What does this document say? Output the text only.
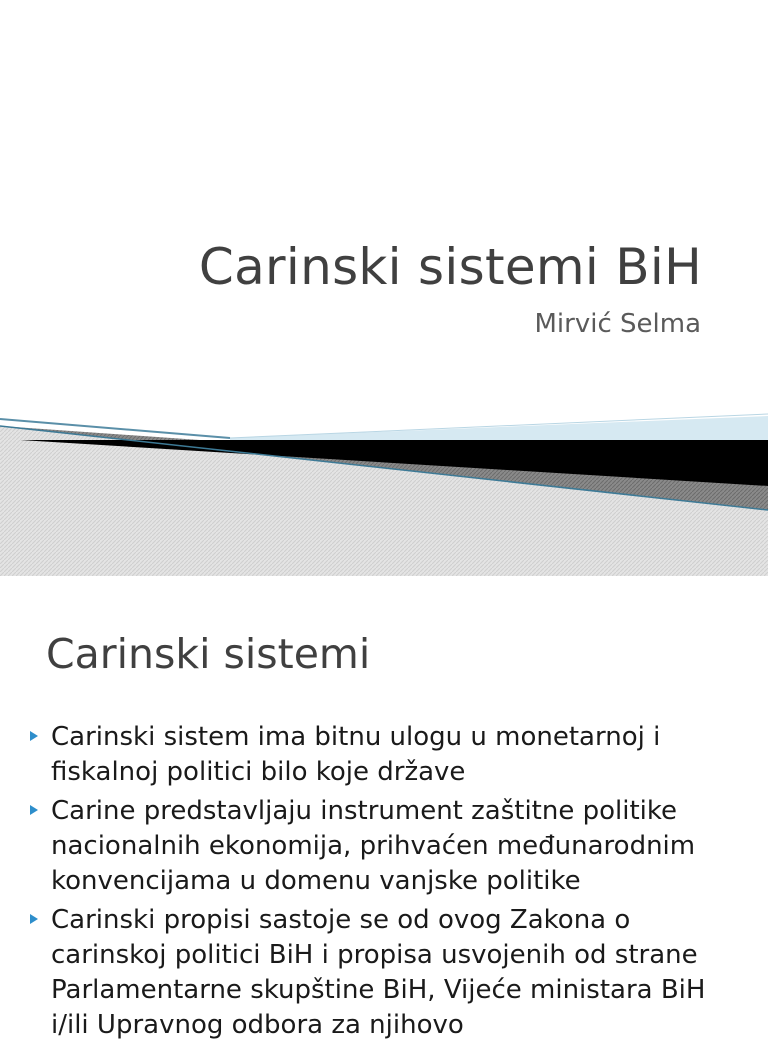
Carinski sistemi BiH
Mirvić Selma
Carinski sistemi
Carinski sistem ima bitnu ulogu u monetarnoj i fiskalnoj politici bilo koje države
Carine predstavljaju instrument zaštitne politike nacionalnih ekonomija, prihvaćen međunarodnim konvencijama u domenu vanjske politike
Carinski propisi sastoje se od ovog Zakona o carinskoj politici BiH i propisa usvojenih od strane Parlamentarne skupštine BiH, Vijeće ministara BiH i/ili Upravnog odbora za njihovo
